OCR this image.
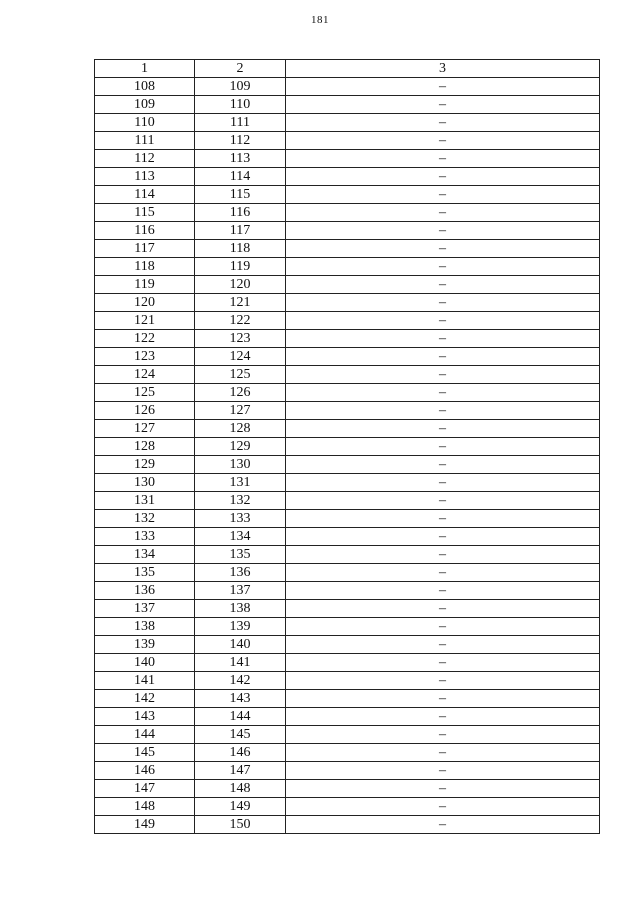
181
1	2	3
108	109	–
109	110	–
110	111	–
111	112	–
112	113	–
113	114	–
114	115	–
115	116	–
116	117	–
117	118	–
118	119	–
119	120	–
120	121	–
121	122	–
122	123	–
123	124	–
124	125	–
125	126	–
126	127	–
127	128	–
128	129	–
129	130	–
130	131	–
131	132	–
132	133	–
133	134	–
134	135	–
135	136	–
136	137	–
137	138	–
138	139	–
139	140	–
140	141	–
141	142	–
142	143	–
143	144	–
144	145	–
145	146	–
146	147	–
147	148	–
148	149	–
149	150	–
